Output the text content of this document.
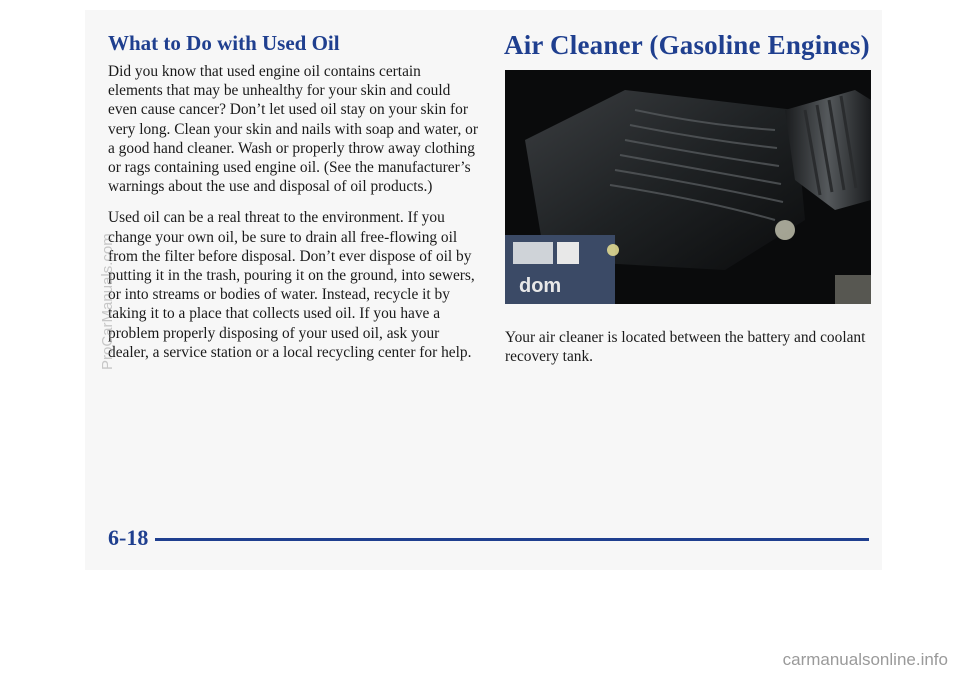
What to Do with Used Oil

Did you know that used engine oil contains certain elements that may be unhealthy for your skin and could even cause cancer? Don’t let used oil stay on your skin for very long. Clean your skin and nails with soap and water, or a good hand cleaner. Wash or properly throw away clothing or rags containing used engine oil. (See the manufacturer’s warnings about the use and disposal of oil products.)

Used oil can be a real threat to the environment. If you change your own oil, be sure to drain all free-flowing oil from the filter before disposal. Don’t ever dispose of oil by putting it in the trash, pouring it on the ground, into sewers, or into streams or bodies of water. Instead, recycle it by taking it to a place that collects used oil. If you have a problem properly disposing of your used oil, ask your dealer, a service station or a local recycling center for help.

Air Cleaner (Gasoline Engines)
dom

Your air cleaner is located between the battery and coolant recovery tank.

6-18
ProCarManuals.com
carmanualsonline.info
